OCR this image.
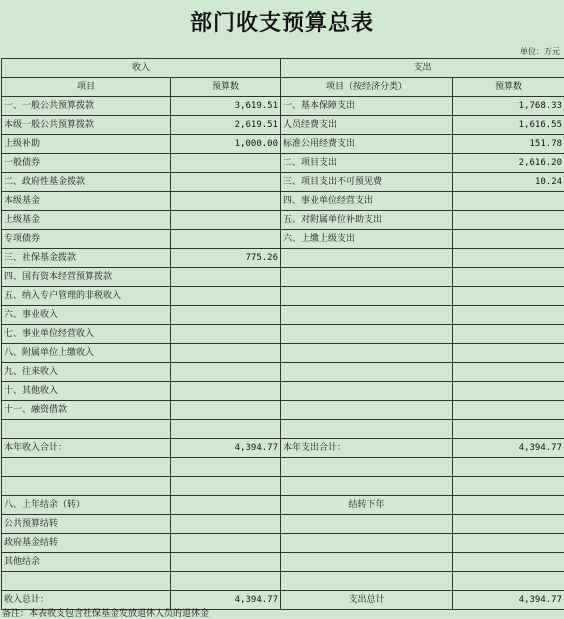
部门收支预算总表
单位：万元
收入		支出	
项目	预算数	项目（按经济分类）	预算数
一、一般公共预算拨款	3,619.51	一、基本保障支出	1,768.33
本级一般公共预算拨款	2,619.51	人员经费支出	1,616.55
上级补助	1,000.00	标准公用经费支出	151.78
一般债券		二、项目支出	2,616.20
二、政府性基金拨款		三、项目支出不可预见费	10.24
本级基金		四、事业单位经营支出	
上级基金		五、对附属单位补助支出	
专项债券		六、上缴上级支出	
三、社保基金拨款	775.26		
四、国有资本经营预算拨款			
五、纳入专户管理的非税收入			
六、事业收入			
七、事业单位经营收入			
八、附属单位上缴收入			
九、往来收入			
十、其他收入			
十一、融资借款			

本年收入合计：	4,394.77	本年支出合计：	4,394.77

八、上年结余（转）		结转下年	
公共预算结转			
政府基金结转			
其他结余			

收入总计：	4,394.77	支出总计	4,394.77
备注：本表收支包含社保基金发放退休人员的退休金
